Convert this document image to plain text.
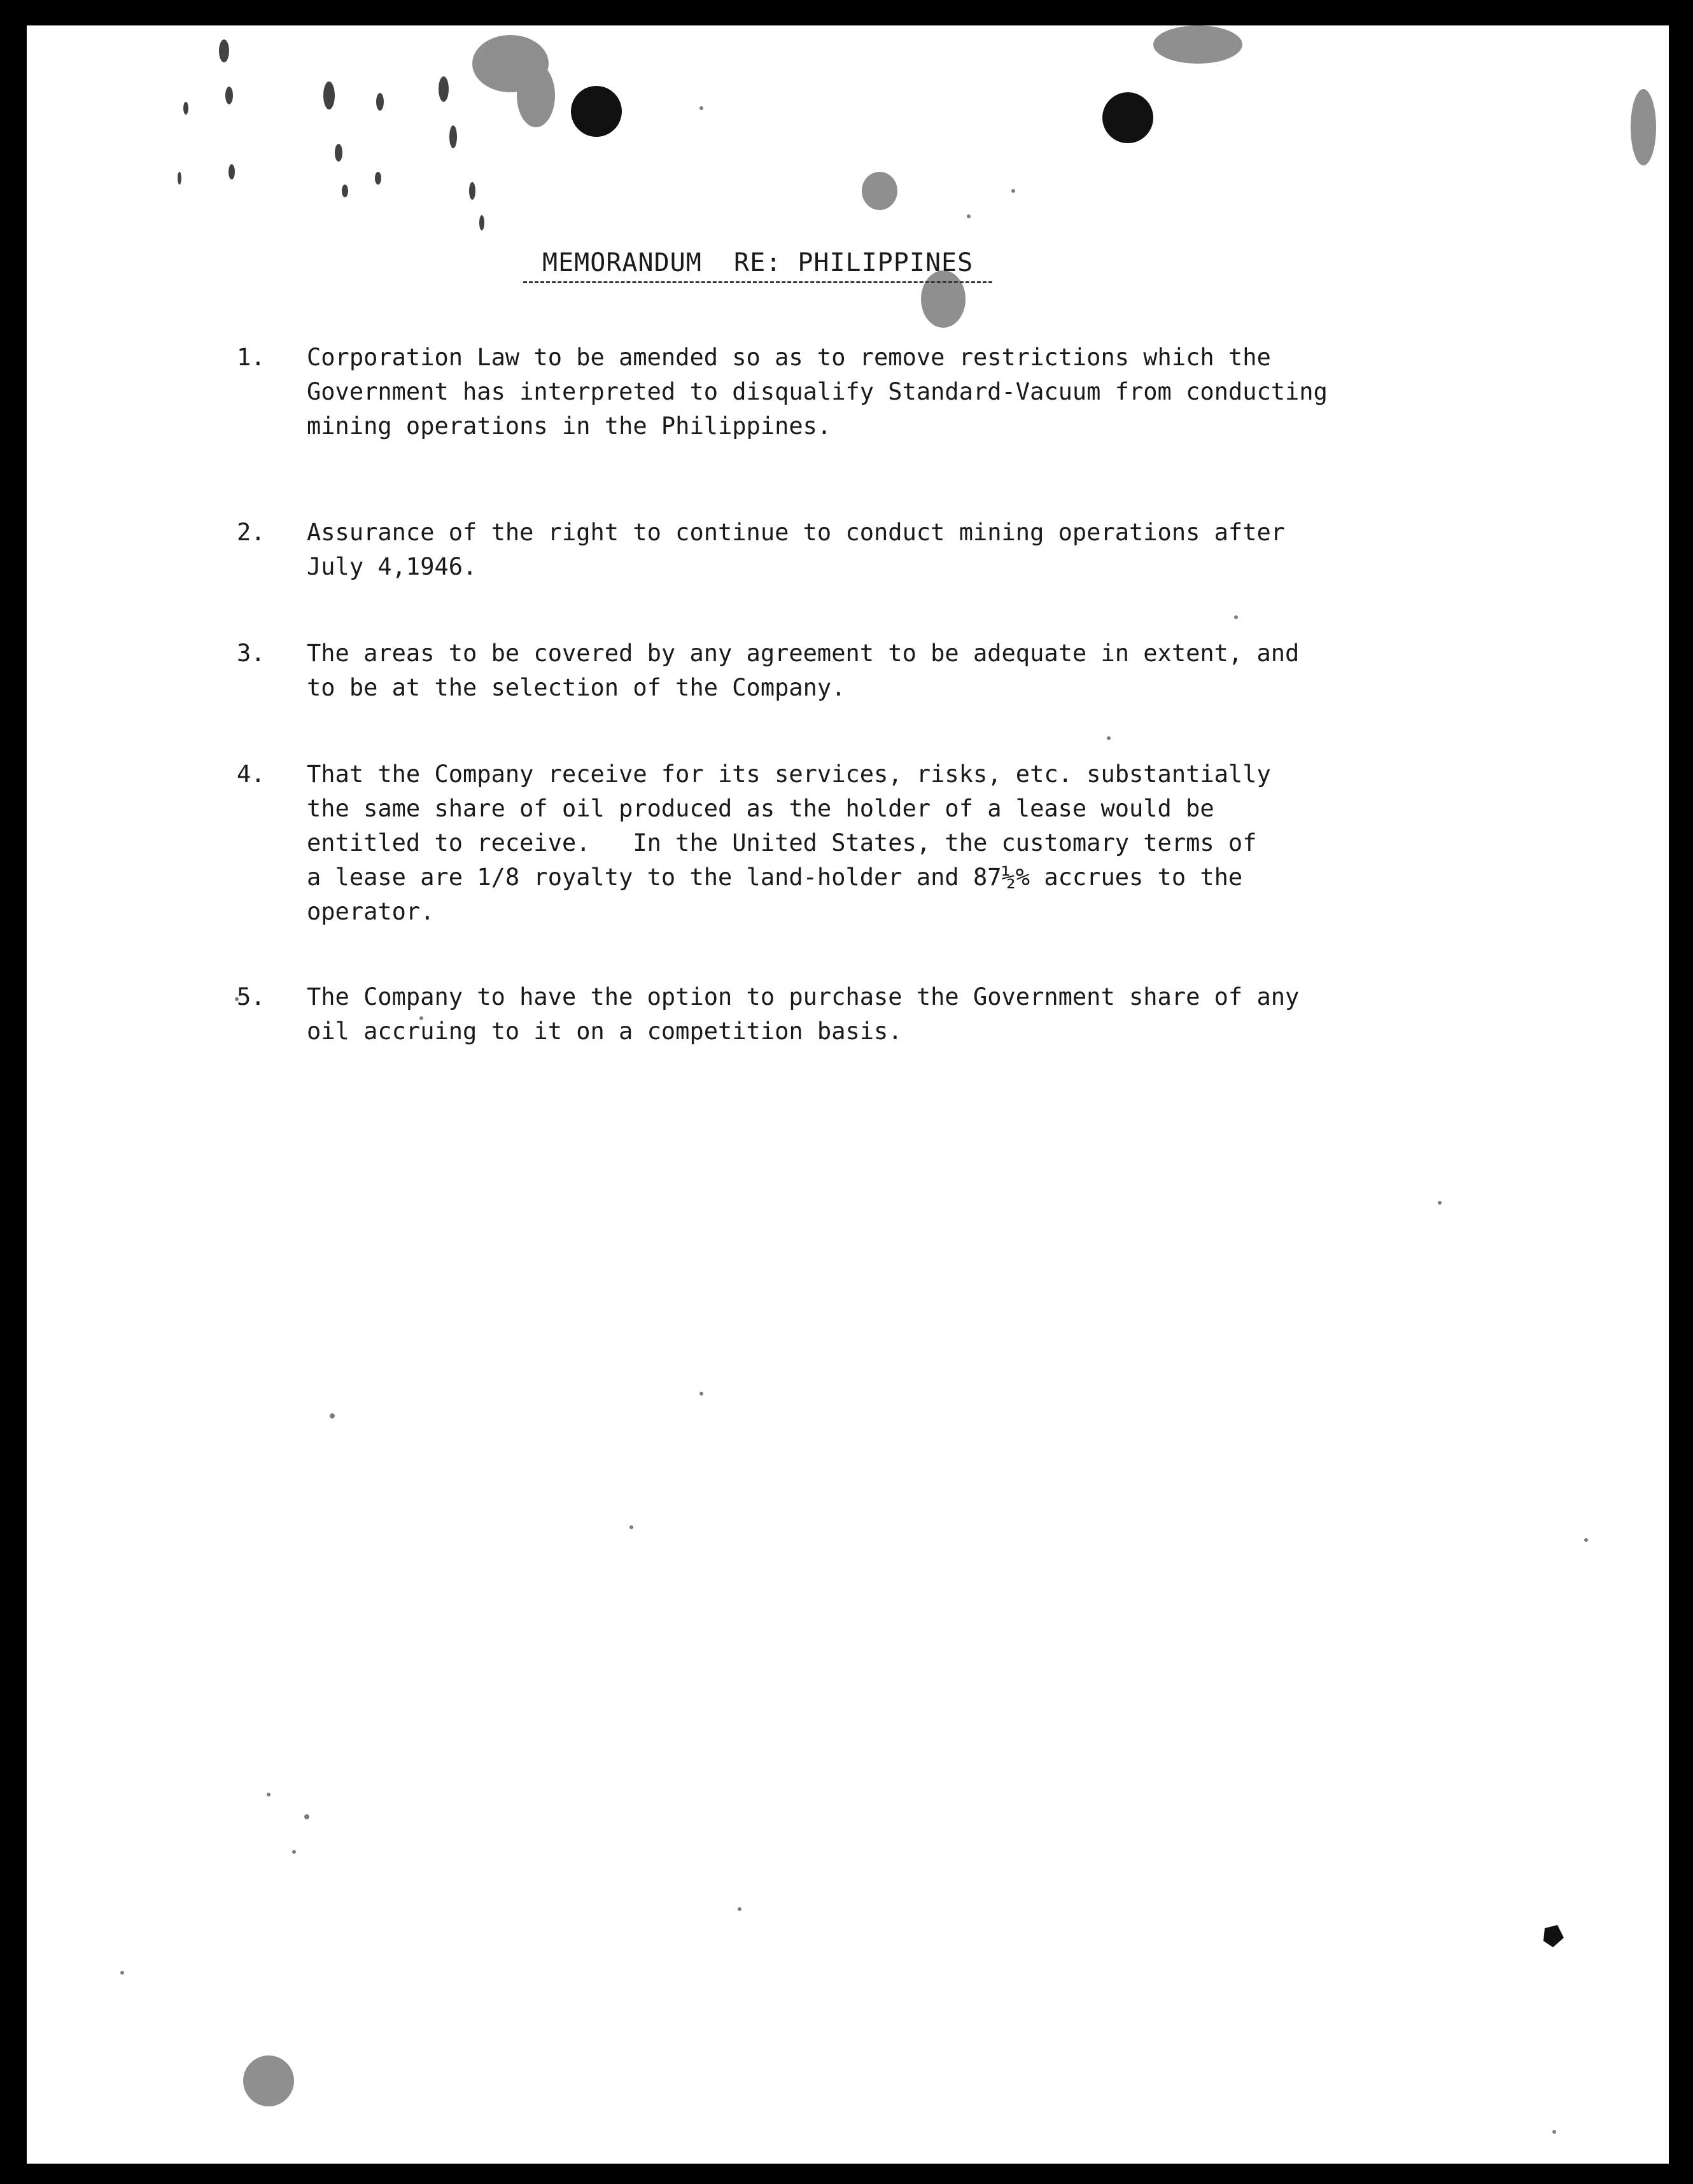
MEMORANDUM  RE: PHILIPPINES
1.	Corporation Law to be amended so as to remove restrictions which the
Government has interpreted to disqualify Standard-Vacuum from conducting
mining operations in the Philippines.
2.	Assurance of the right to continue to conduct mining operations after
July 4,1946.
3.	The areas to be covered by any agreement to be adequate in extent, and
to be at the selection of the Company.
4.	That the Company receive for its services, risks, etc. substantially
the same share of oil produced as the holder of a lease would be
entitled to receive.   In the United States, the customary terms of
a lease are 1/8 royalty to the land-holder and 87½% accrues to the
operator.
5.	The Company to have the option to purchase the Government share of any
oil accruing to it on a competition basis.
